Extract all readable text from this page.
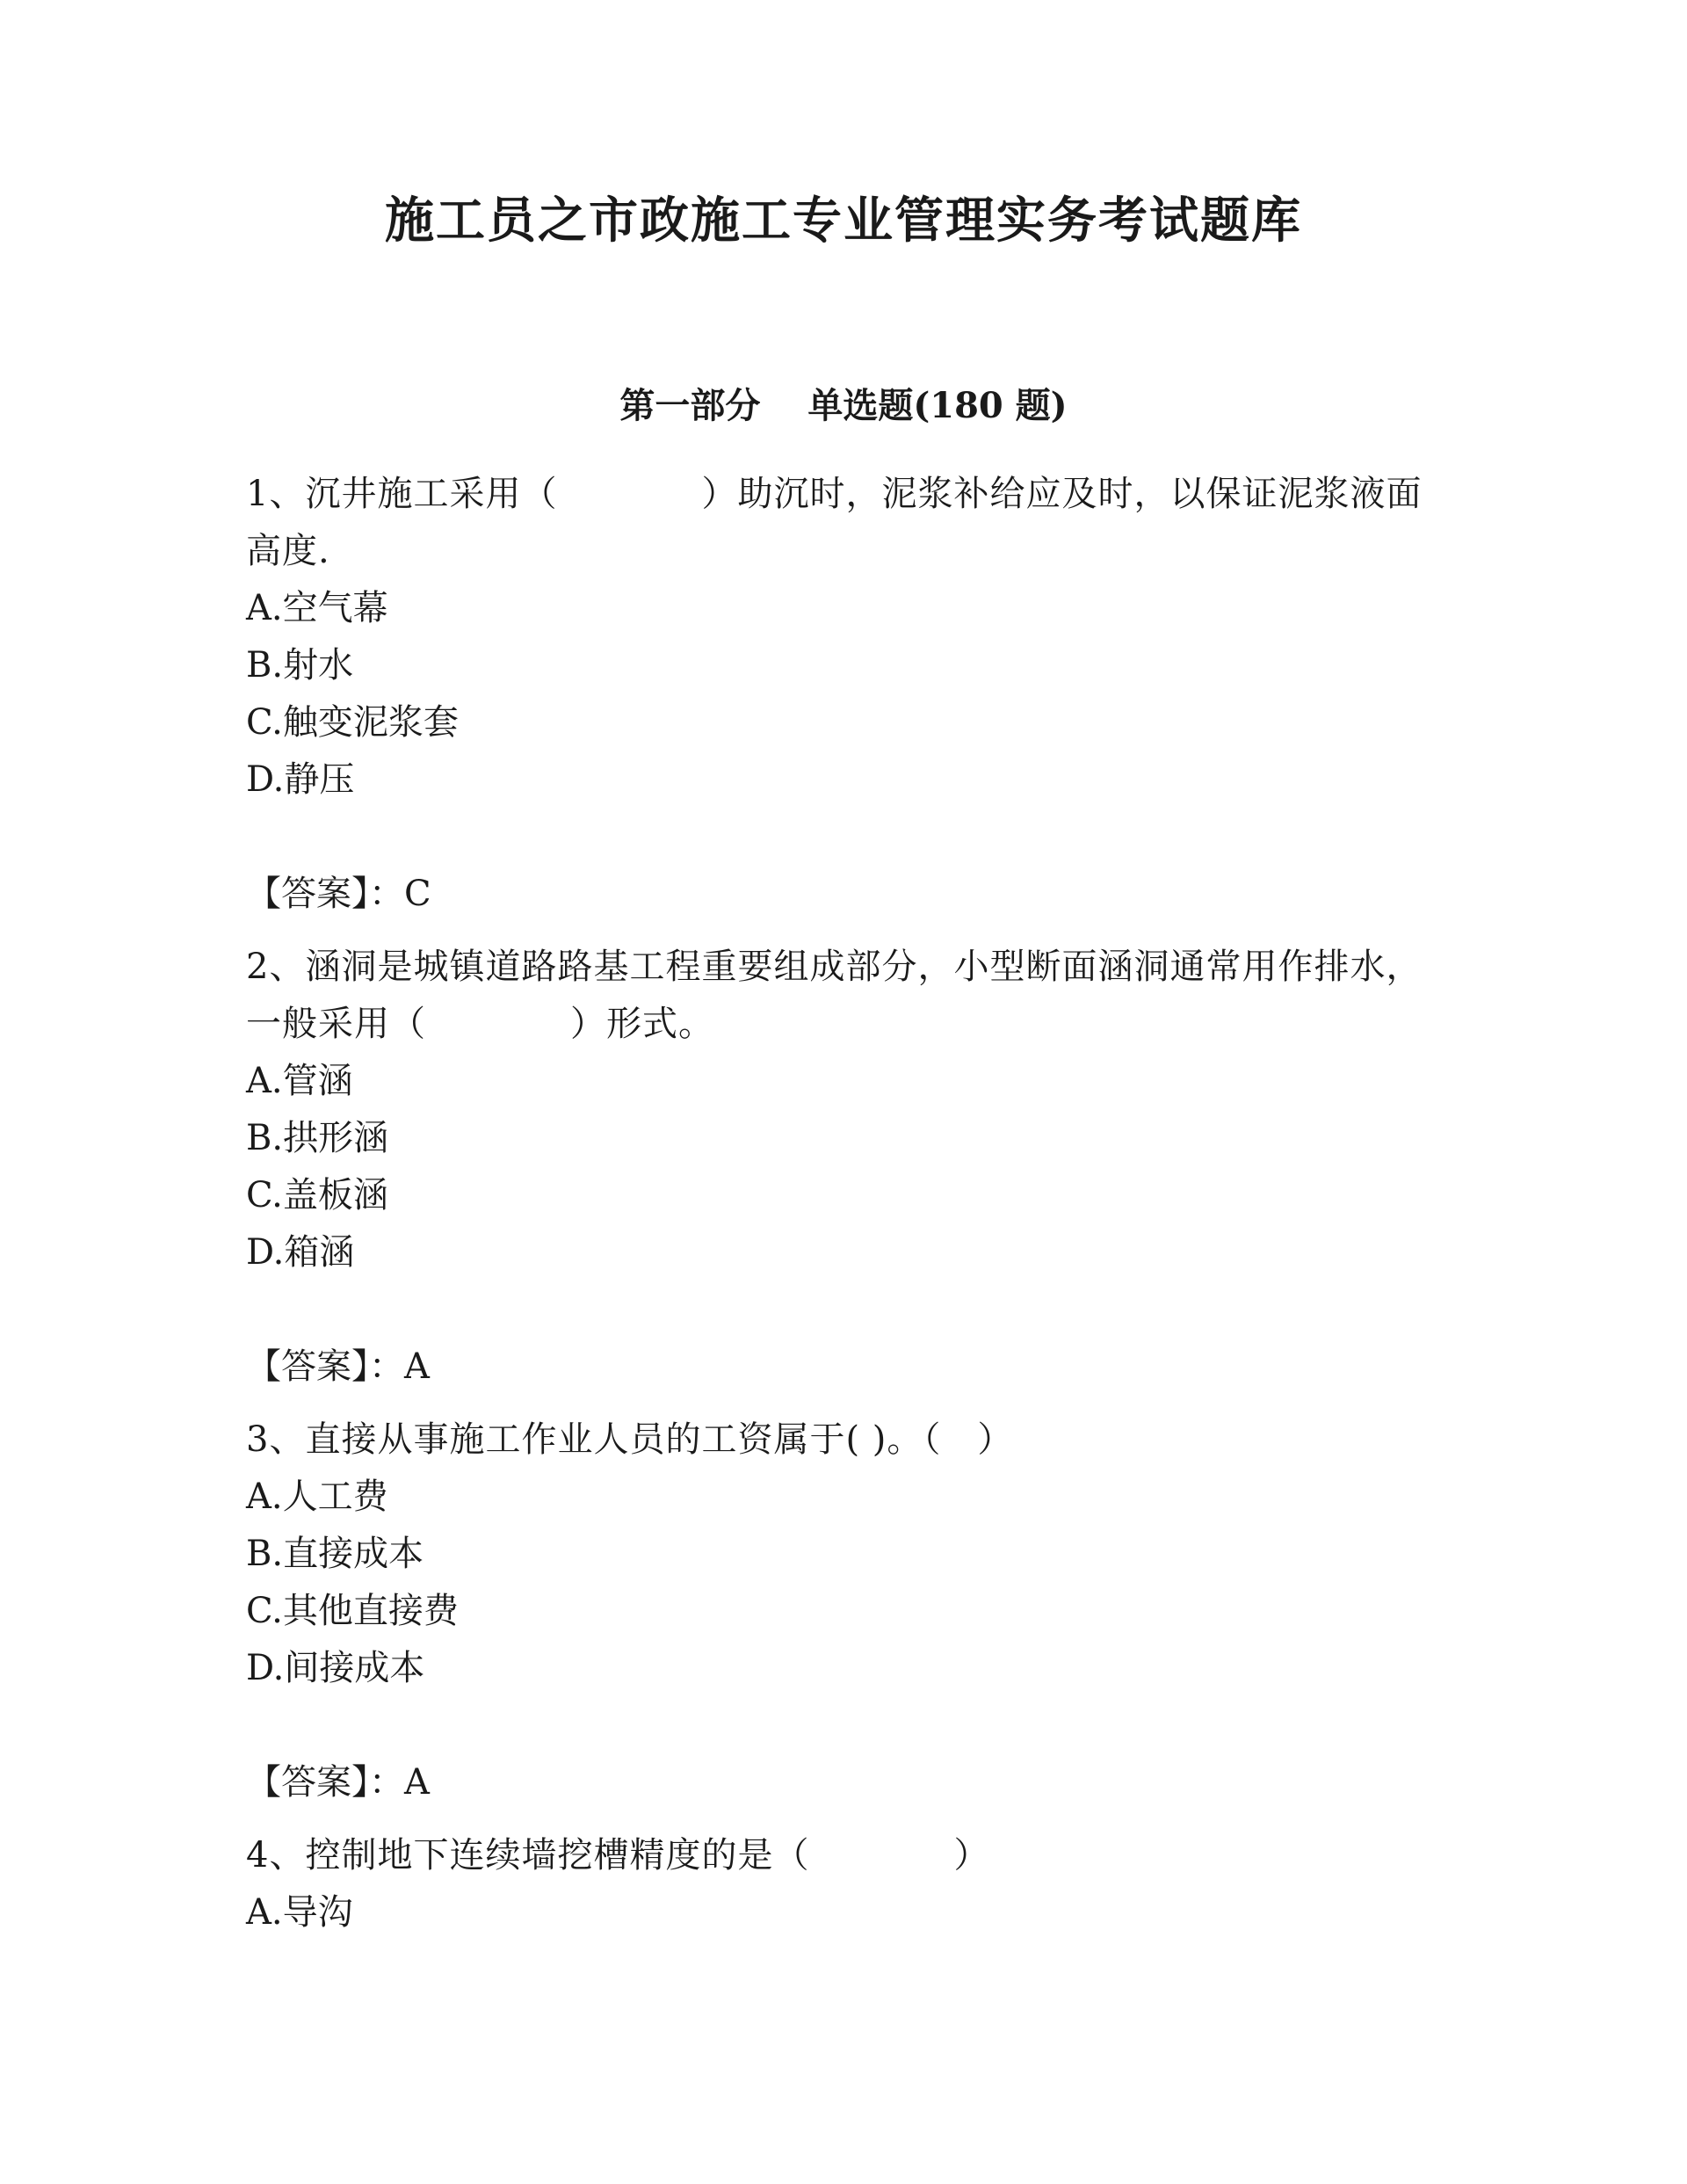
施工员之市政施工专业管理实务考试题库
第一部分　 单选题(180 题)

1、沉井施工采用（　　　　）助沉时，泥浆补给应及时，以保证泥浆液面高度.

A.空气幕

B.射水

C.触变泥浆套

D.静压

【答案】：C

2、涵洞是城镇道路路基工程重要组成部分，小型断面涵洞通常用作排水，一般采用（　　　　）形式。

A.管涵

B.拱形涵

C.盖板涵

D.箱涵

【答案】：A

3、直接从事施工作业人员的工资属于( )。（　）

A.人工费

B.直接成本

C.其他直接费

D.间接成本

【答案】：A

4、控制地下连续墙挖槽精度的是（　　　　）

A.导沟
